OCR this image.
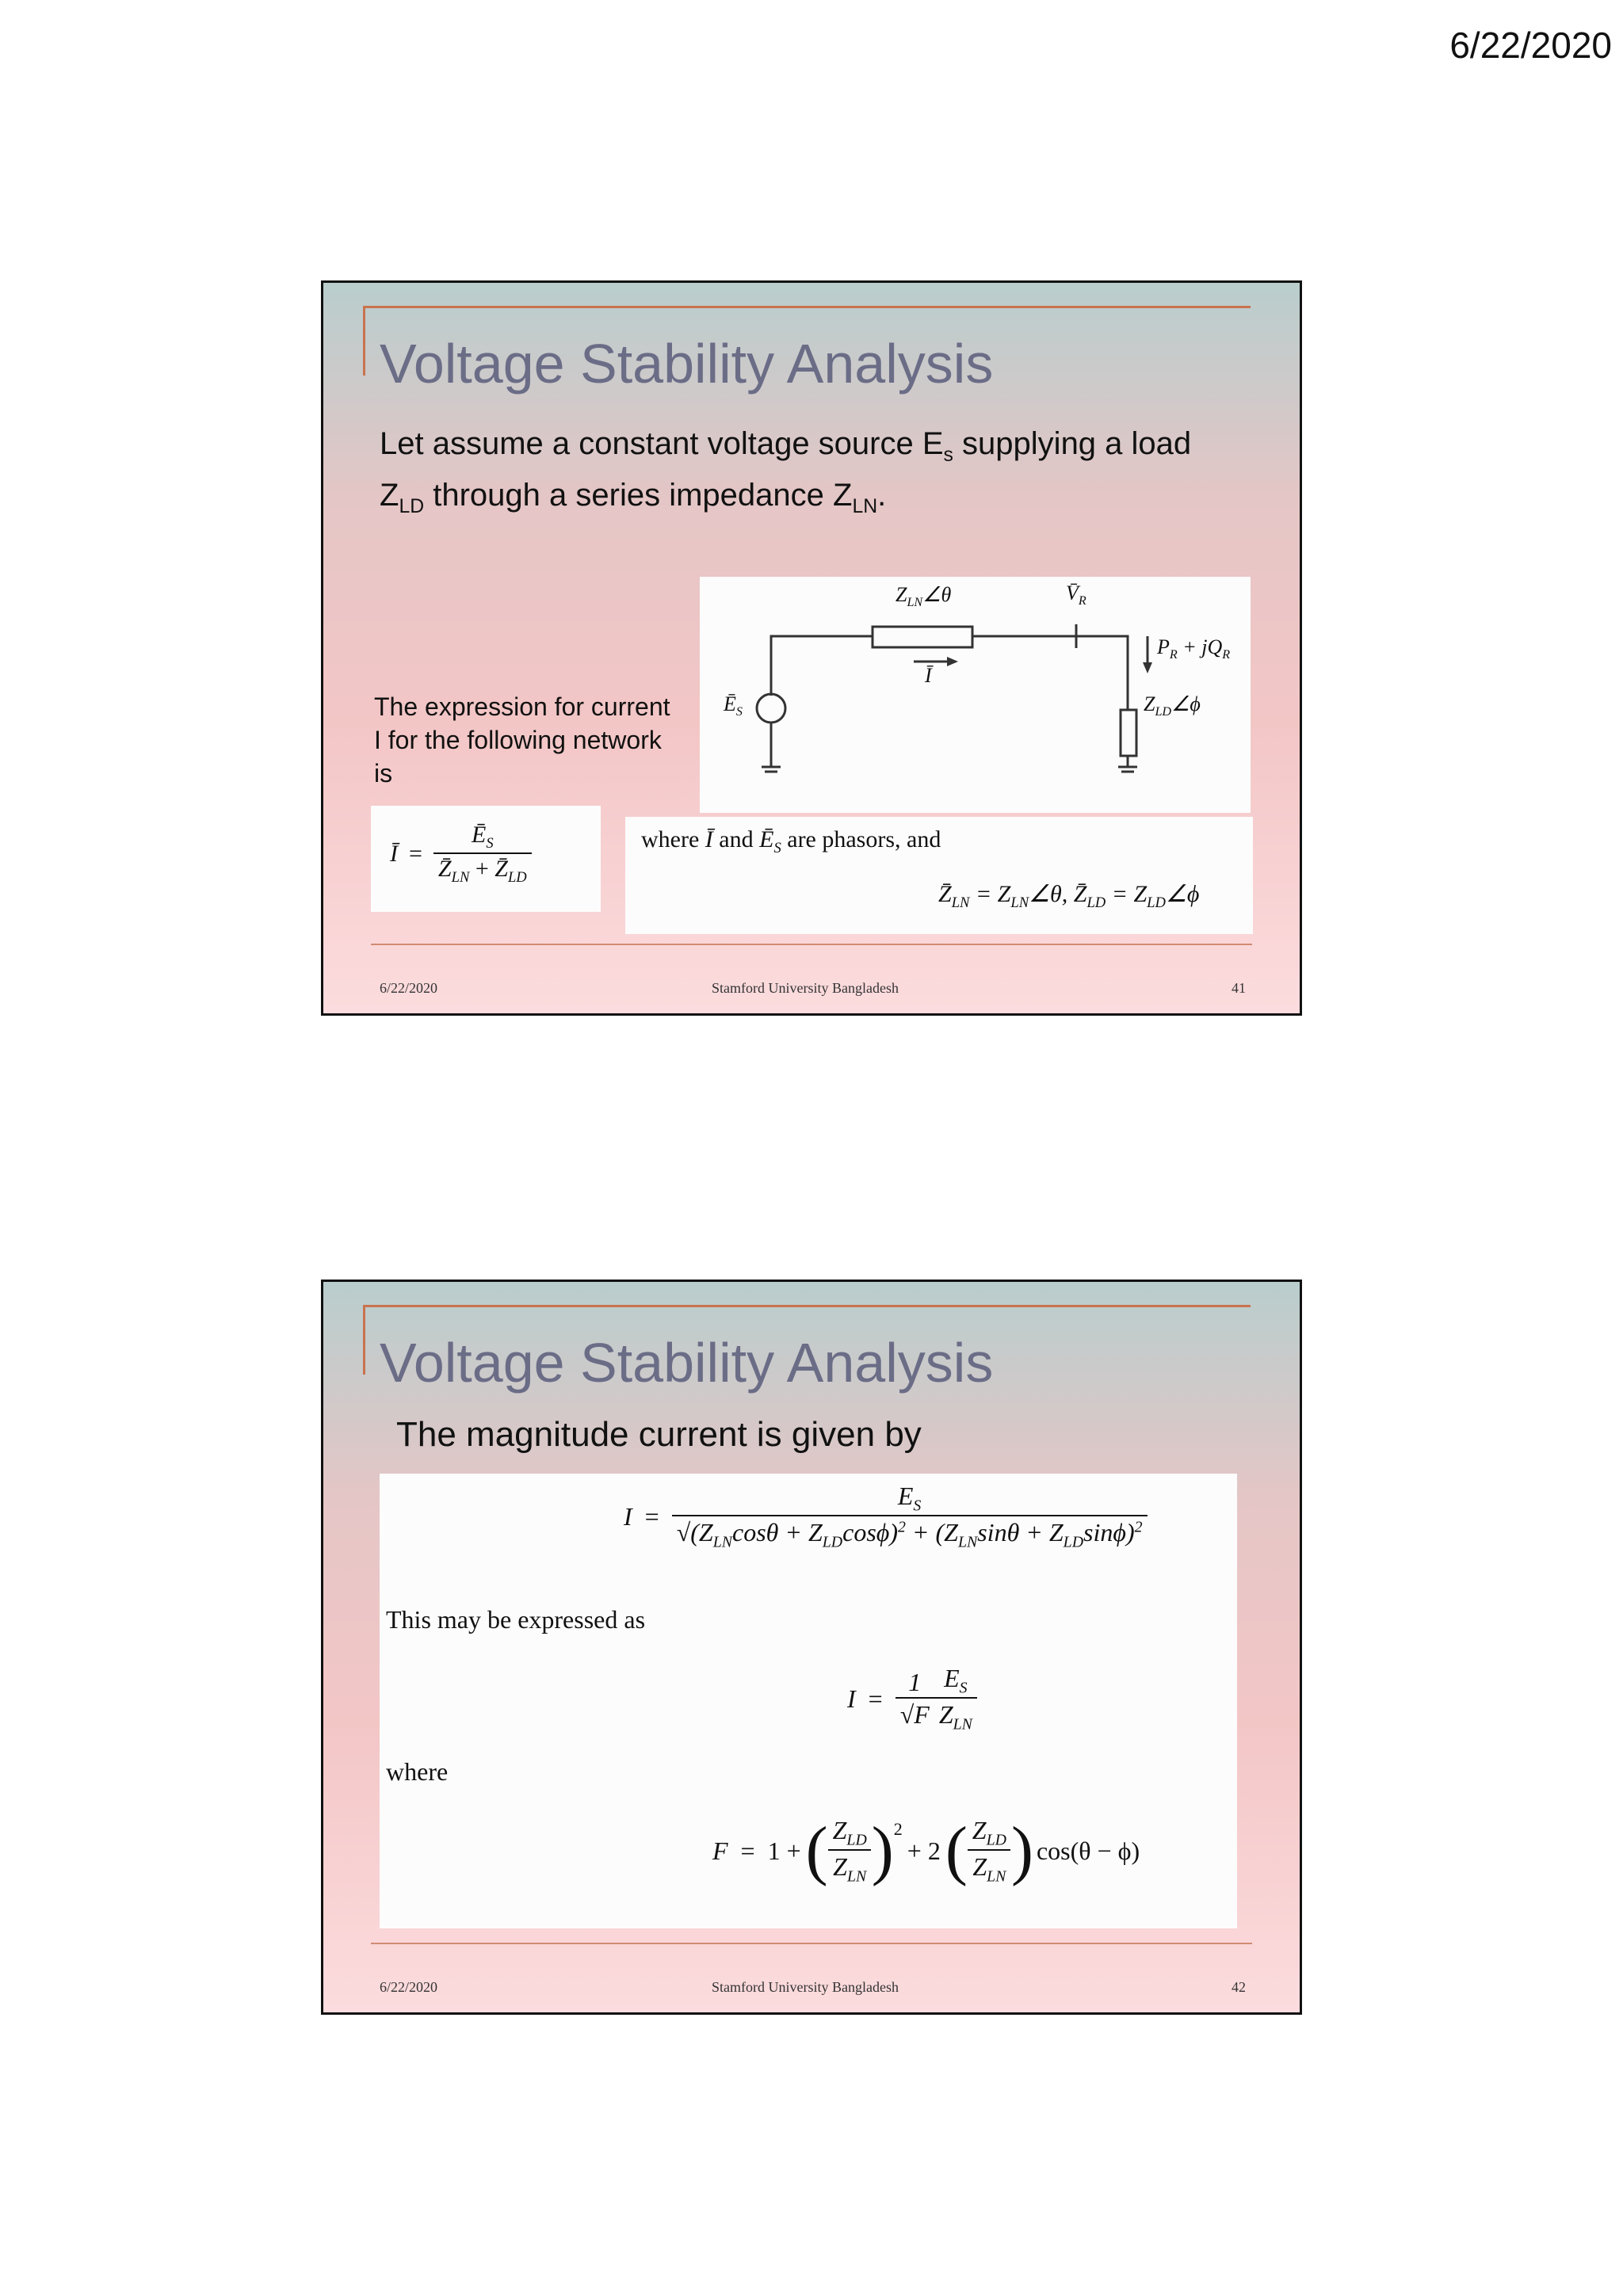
6/22/2020
Voltage Stability Analysis
Let assume a constant voltage source $E_s$ supplying a load
$Z_{LD}$ through a series impedance $Z_{LN}$.
$Z_{LN}\angle\theta$	$V̄_R$
$P_R + jQ_R$
$Ē_S$
Ī
$Z_{LD}\angle\phi$
The expression for current I for the following network is
Ī = $\frac{Ē_S}{Z̄_{LN} + Z̄_{LD}}$	where Ī and $Ē_S$ are phasors, and
$Z̄_{LN}$ = $Z_{LN}\angle\theta$, $Z̄_{LD}$ = $Z_{LD}\angle\phi$
6/22/2020	Stamford University Bangladesh	41
Voltage Stability Analysis
The magnitude current is given by
$I = \frac{E_S}{√(Z_{LN}\cos\theta + Z_{LD}\cos\phi)^2 + (Z_{LN}\sin\theta + Z_{LD}\sin\phi)^2}$
This may be expressed as
$I = \frac{1}{√F} \frac{E_S}{Z_{LN}}$
where
F = 1 + ( $\frac{Z_{LD}}{Z_{LN}} )^2$
+ 2 ( $\frac{Z_{LD}}{Z_{LN}}$ ) cos(θ − ϕ)
6/22/2020	Stamford University Bangladesh	42
